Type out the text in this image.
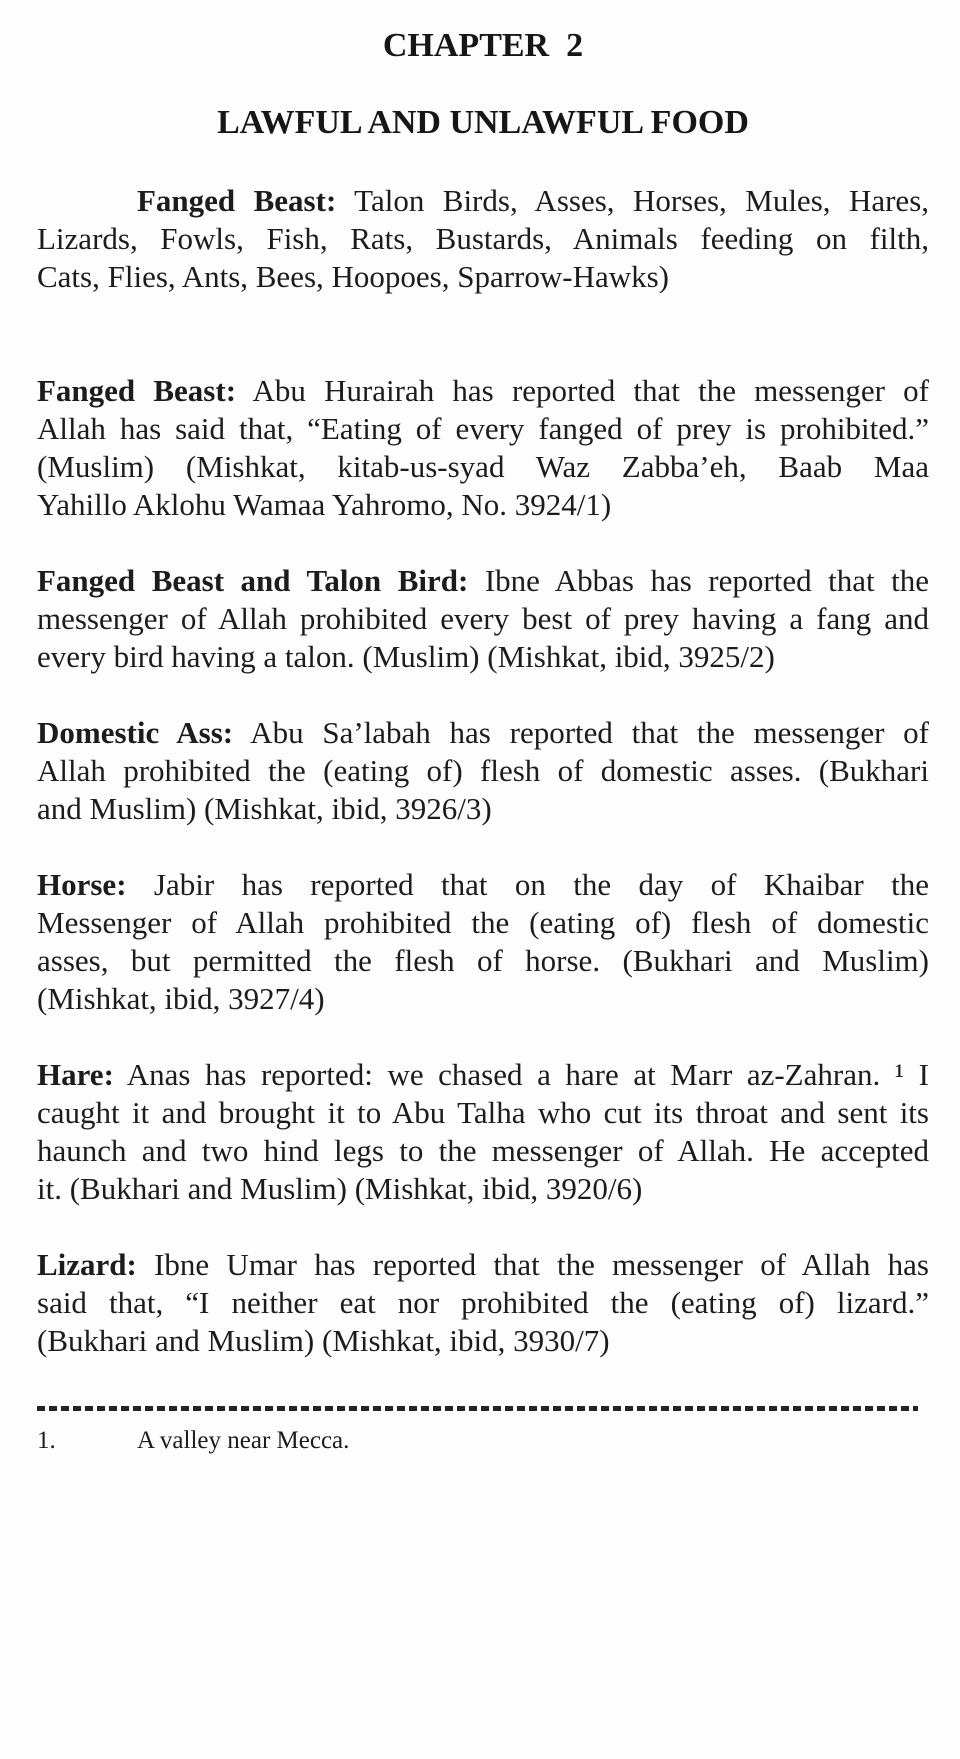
CHAPTER  2
LAWFUL AND UNLAWFUL FOOD
Fanged Beast: Talon Birds, Asses, Horses, Mules, Hares,
Lizards, Fowls, Fish, Rats, Bustards, Animals feeding on filth,
Cats, Flies, Ants, Bees, Hoopoes, Sparrow-Hawks)
Fanged Beast: Abu Hurairah has reported that the messenger of
Allah has said that, “Eating of every fanged of prey is prohibited.”
(Muslim) (Mishkat, kitab-us-syad Waz Zabba’eh, Baab Maa
Yahillo Aklohu Wamaa Yahromo, No. 3924/1)
Fanged Beast and Talon Bird: Ibne Abbas has reported that the
messenger of Allah prohibited every best of prey having a fang and
every bird having a talon. (Muslim) (Mishkat, ibid, 3925/2)
Domestic Ass: Abu Sa’labah has reported that the messenger of
Allah prohibited the (eating of) flesh of domestic asses. (Bukhari
and Muslim) (Mishkat, ibid, 3926/3)
Horse: Jabir has reported that on the day of Khaibar the
Messenger of Allah prohibited the (eating of) flesh of domestic
asses, but permitted the flesh of horse. (Bukhari and Muslim)
(Mishkat, ibid, 3927/4)
Hare: Anas has reported: we chased a hare at Marr az-Zahran. ¹ I
caught it and brought it to Abu Talha who cut its throat and sent its
haunch and two hind legs to the messenger of Allah. He accepted
it. (Bukhari and Muslim) (Mishkat, ibid, 3920/6)
Lizard: Ibne Umar has reported that the messenger of Allah has
said that, “I neither eat nor prohibited the (eating of) lizard.”
(Bukhari and Muslim) (Mishkat, ibid, 3930/7)
1.	A valley near Mecca.
